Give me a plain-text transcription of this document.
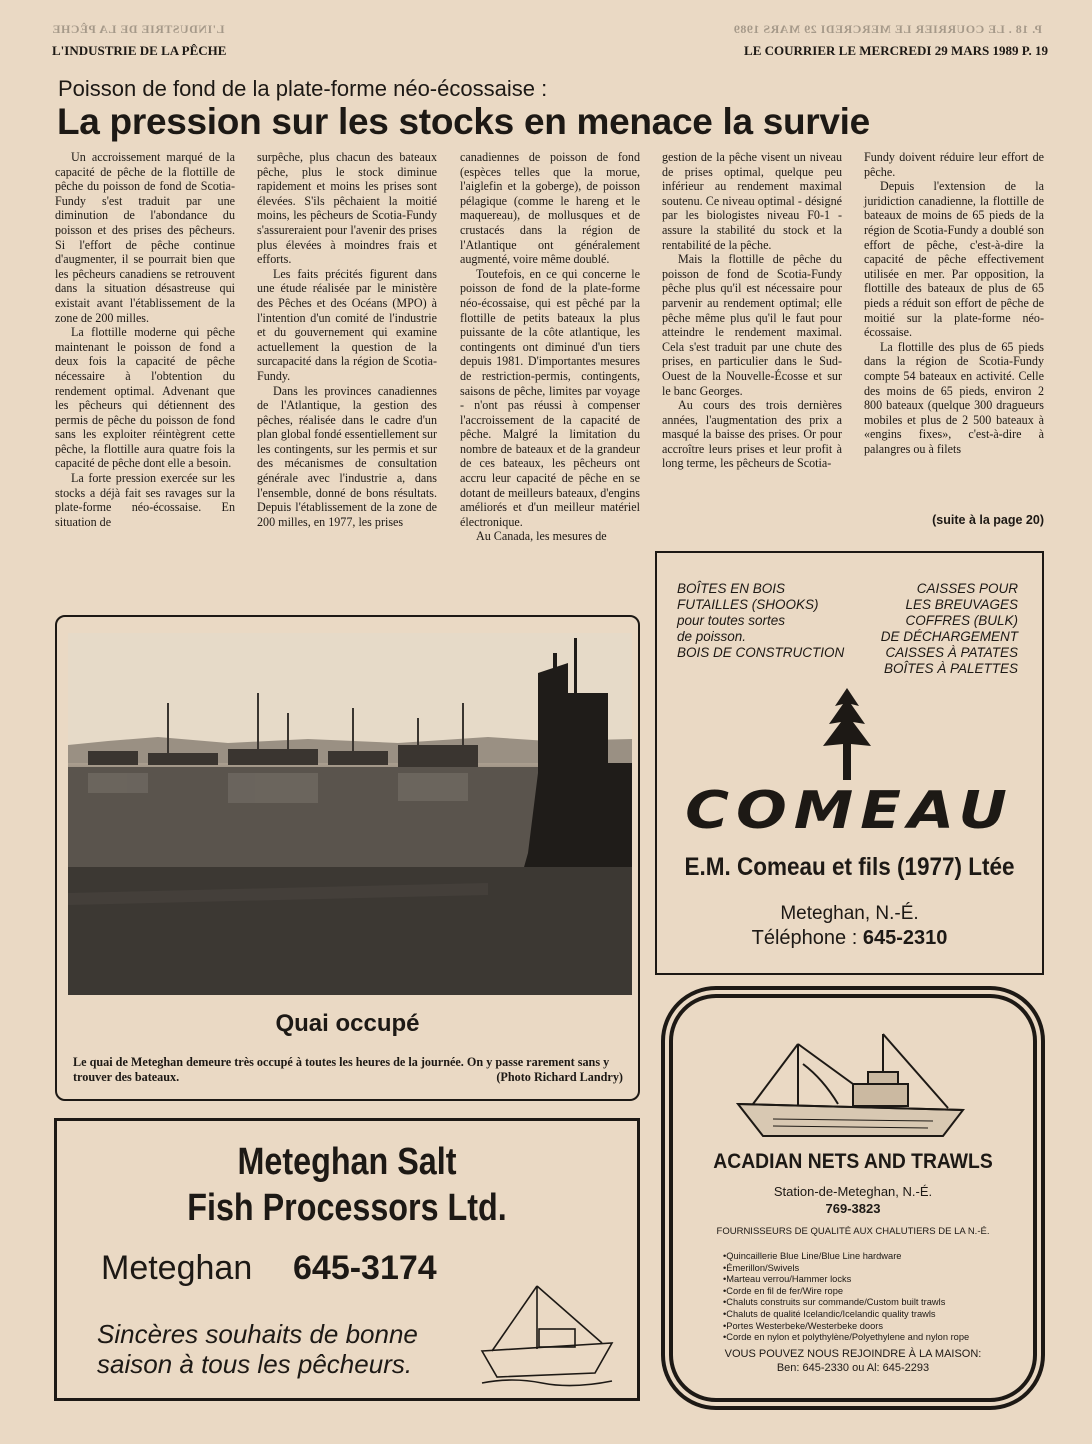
P. 18 . LE COURRIER LE MERCREDI 29 MARS 1989
L'INDUSTRIE DE LA PÊCHE
L'INDUSTRIE DE LA PÊCHE	LE COURRIER LE MERCREDI 29 MARS 1989 P. 19
Poisson de fond de la plate-forme néo-écossaise :
La pression sur les stocks en menace la survie

Un accroissement marqué de la capacité de pêche de la flottille de pêche du poisson de fond de Scotia-Fundy s'est traduit par une diminution de l'abondance du poisson et des prises des pêcheurs. Si l'effort de pêche continue d'augmenter, il se pourrait bien que les pêcheurs canadiens se retrouvent dans la situation désastreuse qui existait avant l'établissement de la zone de 200 milles.

La flottille moderne qui pêche maintenant le poisson de fond a deux fois la capacité de pêche nécessaire à l'obtention du rendement optimal. Advenant que les pêcheurs qui détiennent des permis de pêche du poisson de fond sans les exploiter réintègrent cette pêche, la flottille aura quatre fois la capacité de pêche dont elle a besoin.

La forte pression exercée sur les stocks a déjà fait ses ravages sur la plate-forme néo-écossaise. En situation de

surpêche, plus chacun des bateaux pêche, plus le stock diminue rapidement et moins les prises sont élevées. S'ils pêchaient la moitié moins, les pêcheurs de Scotia-Fundy s'assureraient pour l'avenir des prises plus élevées à moindres frais et efforts.

Les faits précités figurent dans une étude réalisée par le ministère des Pêches et des Océans (MPO) à l'intention d'un comité de l'industrie et du gouvernement qui examine actuellement la question de la surcapacité dans la région de Scotia-Fundy.

Dans les provinces canadiennes de l'Atlantique, la gestion des pêches, réalisée dans le cadre d'un plan global fondé essentiellement sur les contingents, sur les permis et sur des mécanismes de consultation générale avec l'industrie a, dans l'ensemble, donné de bons résultats. Depuis l'établissement de la zone de 200 milles, en 1977, les prises

canadiennes de poisson de fond (espèces telles que la morue, l'aiglefin et la goberge), de poisson pélagique (comme le hareng et le maquereau), de mollusques et de crustacés dans la région de l'Atlantique ont généralement augmenté, voire même doublé.

Toutefois, en ce qui concerne le poisson de fond de la plate-forme néo-écossaise, qui est pêché par la flottille de petits bateaux la plus puissante de la côte atlantique, les contingents ont diminué d'un tiers depuis 1981. D'importantes mesures de restriction-permis, contingents, saisons de pêche, limites par voyage - n'ont pas réussi à compenser l'accroissement de la capacité de pêche. Malgré la limitation du nombre de bateaux et de la grandeur de ces bateaux, les pêcheurs ont accru leur capacité de pêche en se dotant de meilleurs bateaux, d'engins améliorés et d'un meilleur matériel électronique.

Au Canada, les mesures de

gestion de la pêche visent un niveau de prises optimal, quelque peu inférieur au rendement maximal soutenu. Ce niveau optimal - désigné par les biologistes niveau F0-1 - assure la stabilité du stock et la rentabilité de la pêche.

Mais la flottille de pêche du poisson de fond de Scotia-Fundy pêche plus qu'il est nécessaire pour parvenir au rendement optimal; elle pêche même plus qu'il le faut pour atteindre le rendement maximal. Cela s'est traduit par une chute des prises, en particulier dans le Sud-Ouest de la Nouvelle-Écosse et sur le banc Georges.

Au cours des trois dernières années, l'augmentation des prix a masqué la baisse des prises. Or pour accroître leurs prises et leur profit à long terme, les pêcheurs de Scotia-

Fundy doivent réduire leur effort de pêche.

Depuis l'extension de la juridiction canadienne, la flottille de bateaux de moins de 65 pieds de la région de Scotia-Fundy a doublé son effort de pêche, c'est-à-dire la capacité de pêche effectivement utilisée en mer. Par opposition, la flottille des bateaux de plus de 65 pieds a réduit son effort de pêche de moitié sur la plate-forme néo-écossaise.

La flottille des plus de 65 pieds dans la région de Scotia-Fundy compte 54 bateaux en activité. Celle des moins de 65 pieds, environ 2 800 bateaux (quelque 300 dragueurs mobiles et plus de 2 500 bateaux à «engins fixes», c'est-à-dire à palangres ou à filets

(suite à la page 20)
Quai occupé
Le quai de Meteghan demeure très occupé à toutes les heures de la journée. On y passe rarement sans y trouver des bateaux.	(Photo Richard Landry)
BOÎTES EN BOIS
FUTAILLES (SHOOKS)
pour toutes sortes
de poisson.
BOIS DE CONSTRUCTION
CAISSES POUR
LES BREUVAGES
COFFRES (BULK)
DE DÉCHARGEMENT
CAISSES À PATATES
BOÎTES À PALETTES
COMEAU
E.M. Comeau et fils (1977) Ltée
Meteghan, N.-É.
Téléphone : 645-2310
ACADIAN NETS AND TRAWLS
Station-de-Meteghan, N.-É.
769-3823
FOURNISSEURS DE QUALITÉ AUX CHALUTIERS DE LA N.-É.
• Quincaillerie Blue Line/Blue Line hardware
• Émerillon/Swivels
• Marteau verrou/Hammer locks
• Corde en fil de fer/Wire rope
• Chaluts construits sur commande/Custom built trawls
• Chaluts de qualité Icelandic/Icelandic quality trawls
• Portes Westerbeke/Westerbeke doors
• Corde en nylon et polythylène/Polyethylene and nylon rope
VOUS POUVEZ NOUS REJOINDRE À LA MAISON:
Ben: 645-2330 ou Al: 645-2293
Meteghan Salt
Fish Processors Ltd.
Meteghan 645-3174
Sincères souhaits de bonne
saison à tous les pêcheurs.
